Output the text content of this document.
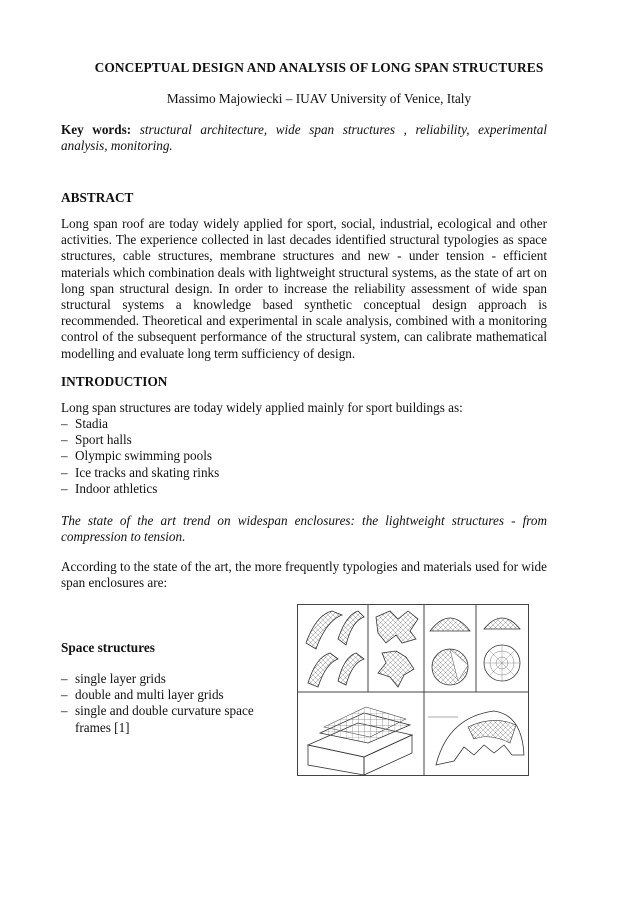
CONCEPTUAL DESIGN AND ANALYSIS OF LONG SPAN STRUCTURES
Massimo Majowiecki – IUAV University of Venice, Italy
Key words: structural architecture, wide span structures , reliability, experimental analysis, monitoring.
ABSTRACT
Long span roof are today widely applied for sport, social, industrial, ecological and other activities. The experience collected in last decades identified structural typologies as space structures, cable structures, membrane structures and new - under tension - efficient materials which combination deals with lightweight structural systems, as the state of art on long span structural design. In order to increase the reliability assessment of wide span structural systems a knowledge based synthetic conceptual design approach is recommended. Theoretical and experimental in scale analysis, combined with a monitoring control of the subsequent performance of the structural system, can calibrate mathematical modelling and evaluate long term sufficiency of design.
INTRODUCTION
Long span structures are today widely applied mainly for sport buildings as:
– Stadia
– Sport halls
– Olympic swimming pools
– Ice tracks and skating rinks
– Indoor athletics
The state of the art trend on widespan enclosures: the lightweight structures - from compression to tension.
According to the state of the art, the more frequently typologies and materials used for wide span enclosures are:
Space structures
– single layer grids
– double and multi layer grids
– single and double curvature space frames [1]
